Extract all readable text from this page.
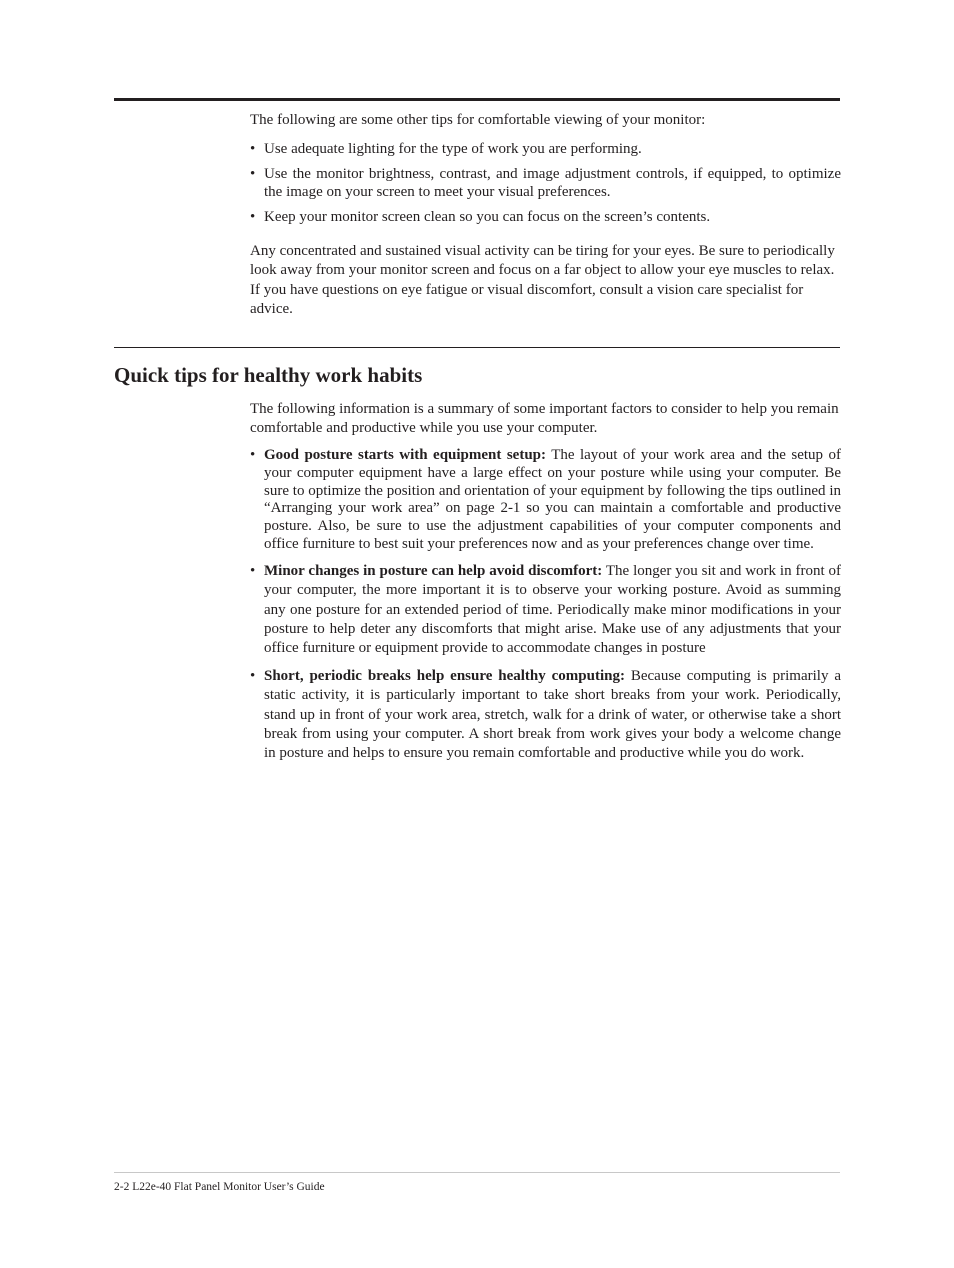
The following are some other tips for comfortable viewing of your monitor:

• Use adequate lighting for the type of work you are performing.
• Use the monitor brightness, contrast, and image adjustment controls, if equipped, to optimize the image on your screen to meet your visual preferences.
• Keep your monitor screen clean so you can focus on the screen’s contents.

Any concentrated and sustained visual activity can be tiring for your eyes. Be sure to periodically look away from your monitor screen and focus on a far object to allow your eye muscles to relax. If you have questions on eye fatigue or visual discomfort, consult a vision care specialist for advice.

Quick tips for healthy work habits

The following information is a summary of some important factors to consider to help you remain comfortable and productive while you use your computer.

• Good posture starts with equipment setup: The layout of your work area and the setup of your computer equipment have a large effect on your posture while using your computer. Be sure to optimize the position and orientation of your equipment by following the tips outlined in “Arranging your work area” on page 2-1 so you can maintain a comfortable and productive posture. Also, be sure to use the adjustment capabilities of your computer components and office furniture to best suit your preferences now and as your preferences change over time.
• Minor changes in posture can help avoid discomfort: The longer you sit and work in front of your computer, the more important it is to observe your working posture. Avoid as summing any one posture for an extended period of time. Periodically make minor modifications in your posture to help deter any discomforts that might arise. Make use of any adjustments that your office furniture or equipment provide to accommodate changes in posture
• Short, periodic breaks help ensure healthy computing: Because computing is primarily a static activity, it is particularly important to take short breaks from your work. Periodically, stand up in front of your work area, stretch, walk for a drink of water, or otherwise take a short break from using your computer. A short break from work gives your body a welcome change in posture and helps to ensure you remain comfortable and productive while you do work.
2-2 L22e-40 Flat Panel Monitor User’s Guide
